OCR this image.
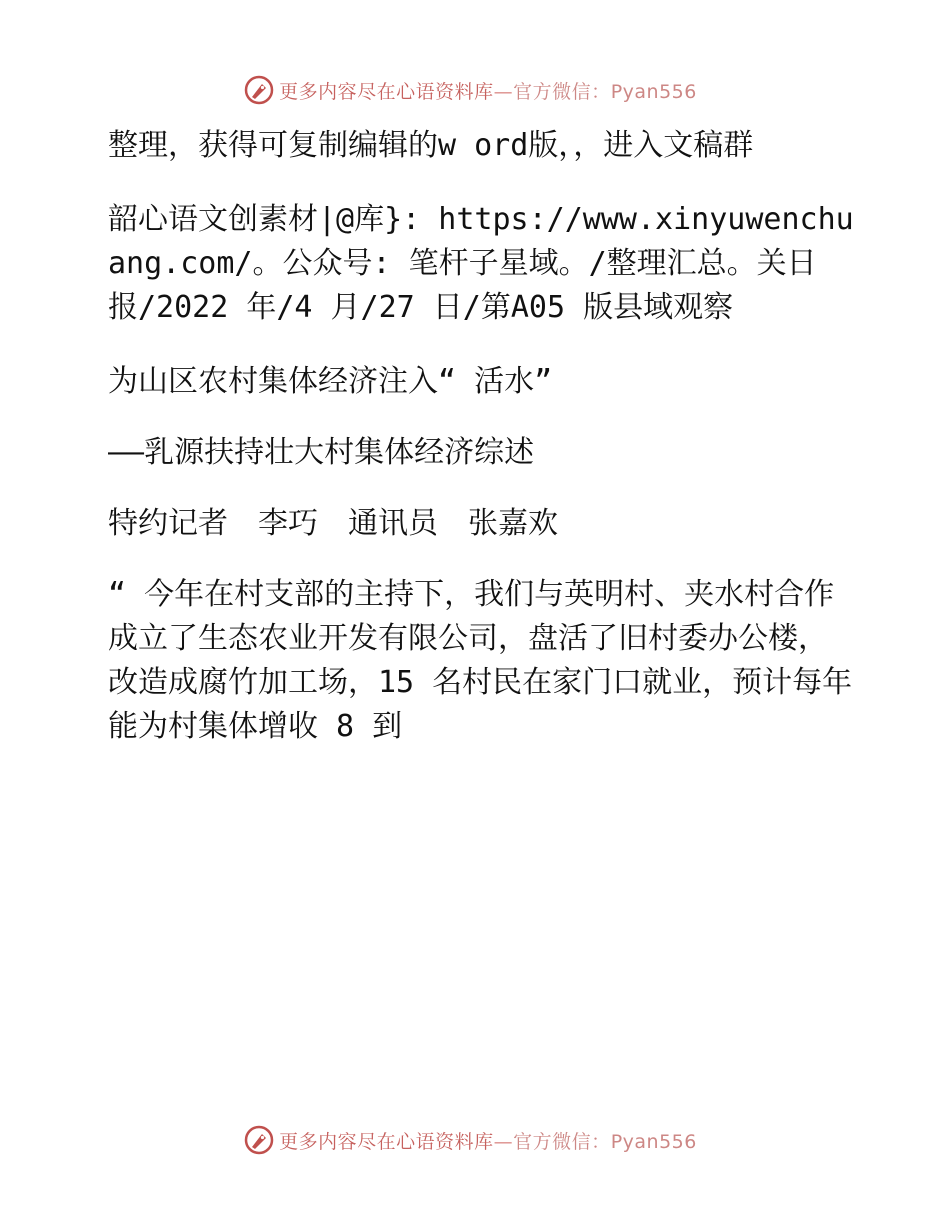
更多内容尽在心语资料库—官方微信：Pyan556

整理，获得可复制编辑的w ord版，，进入文稿群

韶心语文创素材|@库}: https://www.xinyuwenchuang.com/。公众号: 笔杆子星域。/整理汇总。关日报/2022 年/4 月/27 日/第A05 版县域观察

为山区农村集体经济注入“ 活水”

——乳源扶持壮大村集体经济综述

特约记者　李巧　通讯员　张嘉欢

“ 今年在村支部的主持下，我们与英明村、夹水村合作成立了生态农业开发有限公司，盘活了旧村委办公楼，改造成腐竹加工场，15 名村民在家门口就业，预计每年能为村集体增收 8 到

更多内容尽在心语资料库—官方微信：Pyan556
